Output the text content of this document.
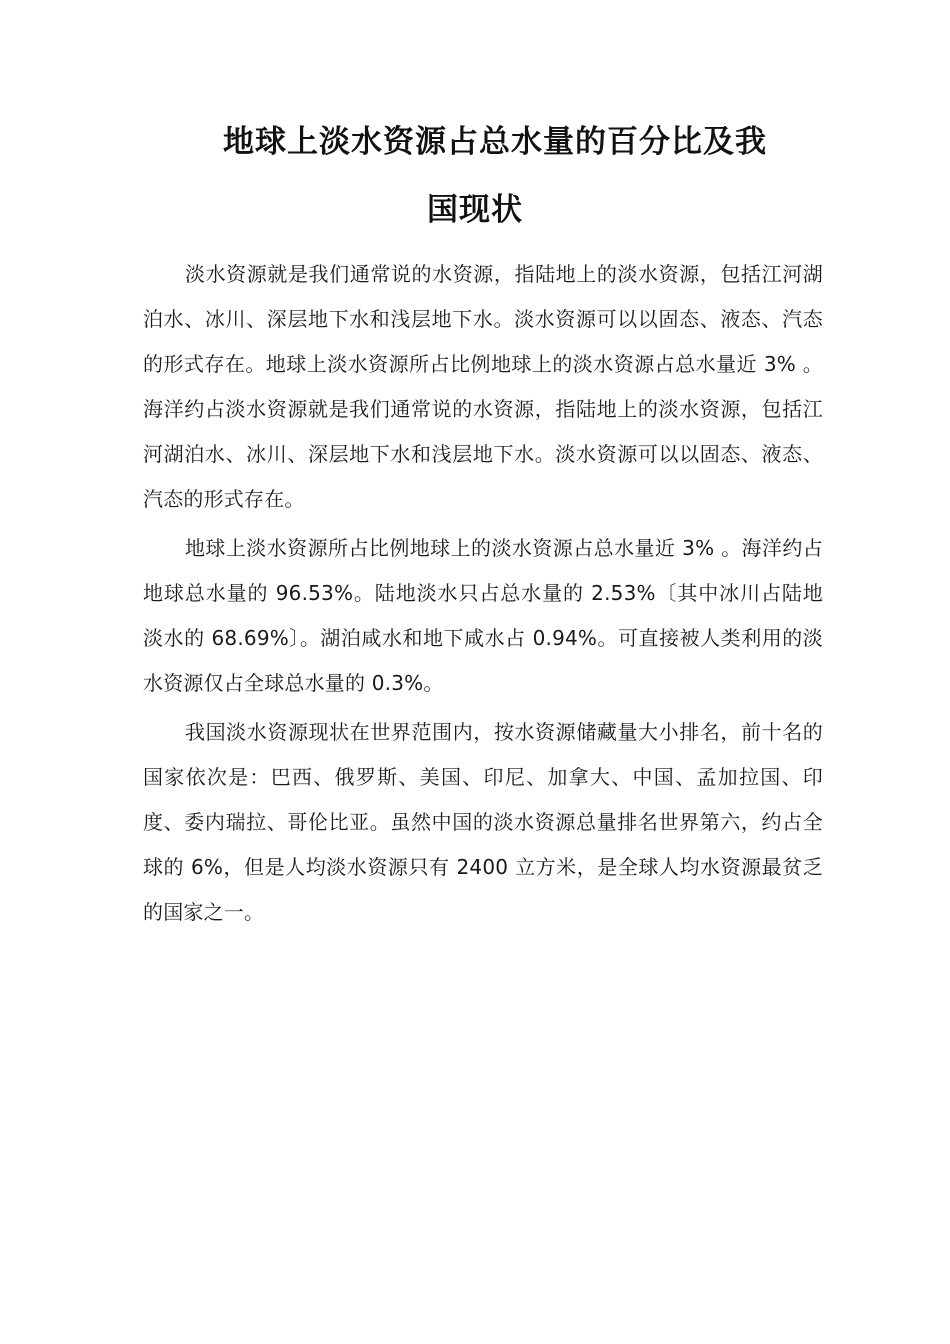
地球上淡水资源占总水量的百分比及我
国现状

淡水资源就是我们通常说的水资源，指陆地上的淡水资源，包括江河湖泊水、冰川、深层地下水和浅层地下水。淡水资源可以以固态、液态、汽态的形式存在。地球上淡水资源所占比例地球上的淡水资源占总水量近 3% 。海洋约占淡水资源就是我们通常说的水资源，指陆地上的淡水资源，包括江河湖泊水、冰川、深层地下水和浅层地下水。淡水资源可以以固态、液态、汽态的形式存在。

地球上淡水资源所占比例地球上的淡水资源占总水量近 3% 。海洋约占地球总水量的 96.53%。陆地淡水只占总水量的 2.53%〔其中冰川占陆地淡水的 68.69%〕。湖泊咸水和地下咸水占 0.94%。可直接被人类利用的淡水资源仅占全球总水量的 0.3%。

我国淡水资源现状在世界范围内，按水资源储藏量大小排名，前十名的国家依次是：巴西、俄罗斯、美国、印尼、加拿大、中国、孟加拉国、印度、委内瑞拉、哥伦比亚。虽然中国的淡水资源总量排名世界第六，约占全球的 6%，但是人均淡水资源只有 2400 立方米，是全球人均水资源最贫乏的国家之一。
